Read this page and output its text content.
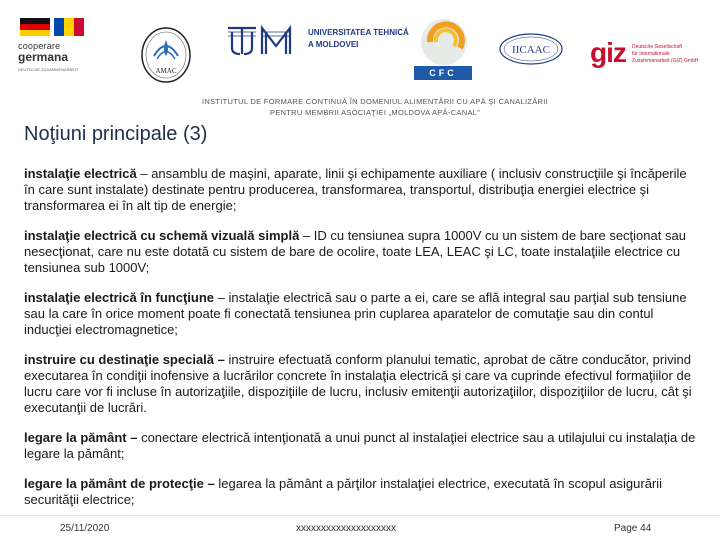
cooperare
germana
DEUTSCHE ZUSAMMENARBEIT	AMAC
UNIVERSITATEA TEHNICĂ
A MOLDOVEI
CFC
IICAAC giz Deutsche Gesellschaft
für Internationale
Zusammenarbeit (GIZ) GmbH
INSTITUTUL DE FORMARE CONTINUĂ ÎN DOMENIUL ALIMENTĂRII CU APĂ ŞI CANALIZĂRII
PENTRU MEMBRII ASOCIAŢIEI „MOLDOVA APĂ-CANAL”
Noţiuni principale (3)

instalaţie electrică – ansamblu de maşini, aparate, linii şi echipamente auxiliare ( inclusiv construcţiile şi încăperile în care sunt instalate) destinate pentru producerea, transformarea, transportul, distribuţia energiei electrice şi transformarea ei în alt tip de energie;

instalaţie electrică cu schemă vizuală simplă – ID cu tensiunea supra 1000V cu un sistem de bare secţionat sau nesecţionat, care nu este dotată cu sistem de bare de ocolire, toate LEA, LEAC şi LC, toate instalaţiile electrice cu tensiunea sub 1000V;

instalaţie electrică în funcţiune – instalaţie electrică sau o parte a ei, care se află integral sau parţial sub tensiune sau la care în orice moment poate fi conectată tensiunea prin cuplarea aparatelor de comutaţie sau din contul inducţiei electromagnetice;

instruire cu destinaţie specială – instruire efectuată conform planului tematic, aprobat de către conducător, privind executarea în condiţii inofensive a lucrărilor concrete în instalaţia electrică şi care va cuprinde efectivul formaţiilor de lucru care vor fi incluse în autorizaţiile, dispoziţiile de lucru, inclusiv emitenţii autorizaţiilor, dispoziţiilor de lucru, cât şi executanţii de lucrări.

legare la pământ – conectare electrică intenţionată a unui punct al instalaţiei electrice sau a utilajului cu instalaţia de legare la pământ;

legare la pământ de protecţie – legarea la pământ a părţilor instalaţiei electrice, executată în scopul asigurării securităţii electrice;

25/11/2020	xxxxxxxxxxxxxxxxxxxx	Page 44
